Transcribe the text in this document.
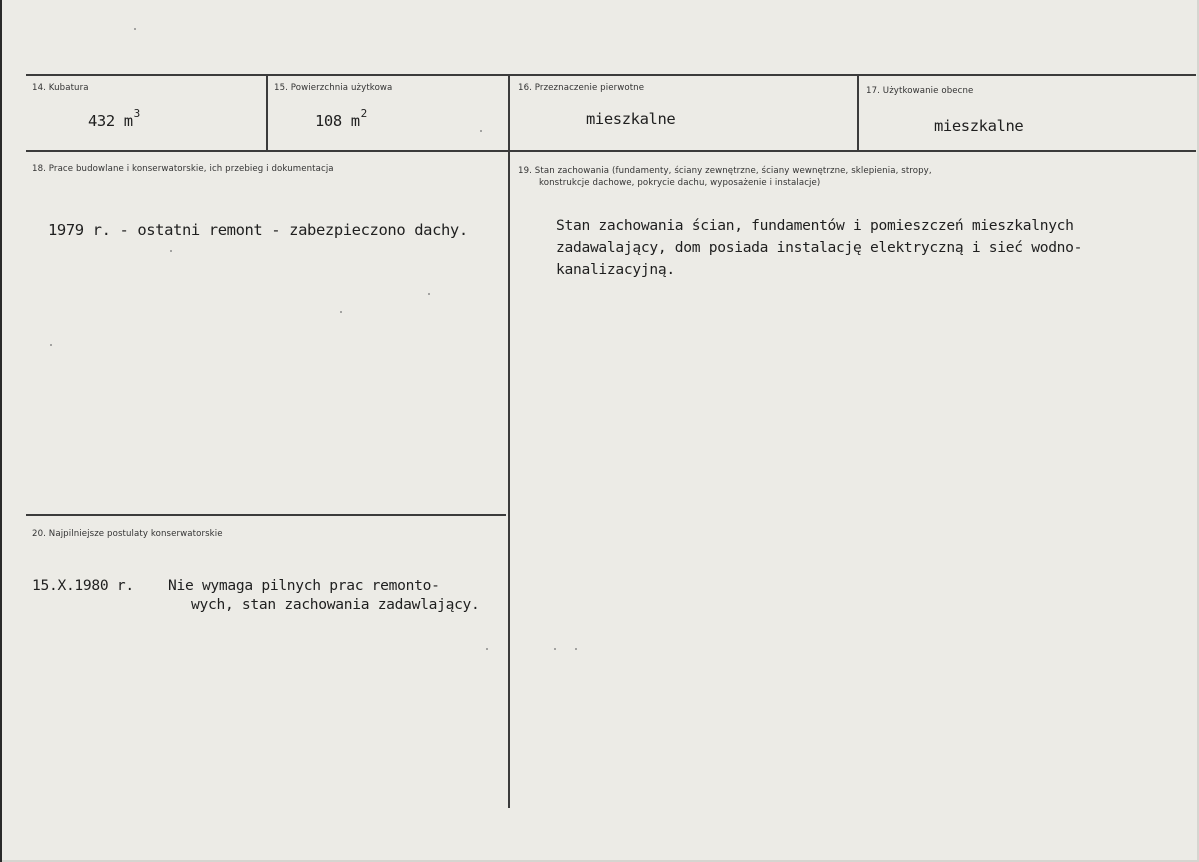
14. Kubatura
432 $m^3$
15. Powierzchnia użytkowa
108 $m^2$
16. Przeznaczenie pierwotne
mieszkalne
17. Użytkowanie obecne
mieszkalne
18. Prace budowlane i konserwatorskie, ich przebieg i dokumentacja
1979 r. - ostatni remont - zabezpieczono dachy.
19. Stan zachowania (fundamenty, ściany zewnętrzne, ściany wewnętrzne, sklepienia, stropy,
konstrukcje dachowe, pokrycie dachu, wyposażenie i instalacje)
Stan zachowania ścian, fundamentów i pomieszczeń mieszkalnych
zadawalający, dom posiada instalację elektryczną i sieć wodno-
kanalizacyjną.
20. Najpilniejsze postulaty konserwatorskie
15.X.1980 r. Nie wymaga pilnych prac remonto-
wych, stan zachowania zadawlający.
